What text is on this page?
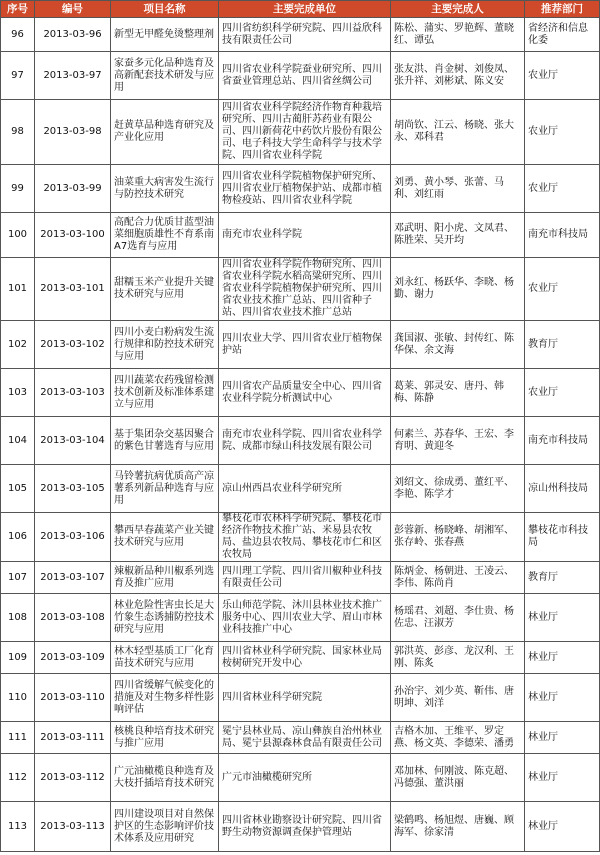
序号	编号	项目名称	主要完成单位	主要完成人	推荐部门
96	2013-03-96	新型无甲醛免烫整理剂	四川省纺织科学研究院、四川益欣科技有限责任公司	陈松、蒲实、罗艳辉、董晓红、谭弘	省经济和信息化委
97	2013-03-97	家蚕多元化品种选育及高新配套技术研发与应用	四川省农业科学院蚕业研究所、四川省蚕业管理总站、四川省丝绸公司	张友洪、肖金树、刘俊凤、张升祥、刘彬斌、陈义安	农业厅
98	2013-03-98	赶黄草品种选育研究及产业化应用	四川省农业科学院经济作物育种栽培研究所、四川古蔺肝苏药业有限公司、四川新荷花中药饮片股份有限公司、电子科技大学生命科学与技术学院、四川省农业科学院	胡尚钦、江云、杨晓、张大永、邓科君	农业厅
99	2013-03-99	油菜重大病害发生流行与防控技术研究	四川省农业科学院植物保护研究所、四川省农业厅植物保护站、成都市植物检疫站、四川省农业科学院	刘勇、黄小琴、张蕾、马利、刘红雨	农业厅
100	2013-03-100	高配合力优质甘蓝型油菜细胞质雄性不育系南A7选育与应用	南充市农业科学院	邓武明、阳小虎、文凤君、陈胜荣、吴开均	南充市科技局
101	2013-03-101	甜糯玉米产业提升关键技术研究与应用	四川省农业科学院作物研究所、四川省农业科学院水稻高粱研究所、四川省农业科学院植物保护研究所、四川省农业技术推广总站、四川省种子站、四川省农业技术推广总站	刘永红、杨跃华、李晓、杨勤、谢力	农业厅
102	2013-03-102	四川小麦白粉病发生流行规律和防控技术研究与应用	四川农业大学、四川省农业厅植物保护站	龚国淑、张敏、封传红、陈华保、余文海	教育厅
103	2013-03-103	四川蔬菜农药残留检测技术创新及标准体系建立与应用	四川省农产品质量安全中心、四川省农业科学院分析测试中心	葛莱、郭灵安、唐丹、韩梅、陈静	农业厅
104	2013-03-104	基于集团杂交基因聚合的紫色甘薯选育与应用	南充市农业科学院、四川省农业科学院、成都市绿山科技发展有限公司	何素兰、苏春华、王宏、李育明、黄迎冬	南充市科技局
105	2013-03-105	马铃薯抗病优质高产凉薯系列新品种选育与应用	凉山州西昌农业科学研究所	刘绍文、徐成勇、董红平、李艳、陈学才	凉山州科技局
106	2013-03-106	攀西早春蔬菜产业关键技术研究与应用	攀枝花市农林科学研究院、攀枝花市经济作物技术推广站、米易县农牧局、盐边县农牧局、攀枝花市仁和区农牧局	彭蓉新、杨晓峰、胡湘军、张存岭、张春燕	攀枝花市科技局
107	2013-03-107	辣椒新品种川椒系列选育及推广应用	四川理工学院、四川省川椒种业科技有限责任公司	陈炳金、杨朝进、王凌云、李伟、陈尚肖	教育厅
108	2013-03-108	林业危险性害虫长足大竹象生态诱捕防控技术研究与应用	乐山师范学院、沐川县林业技术推广服务中心、四川农业大学、眉山市林业科技推广中心	杨瑶君、刘超、李仕贵、杨佐忠、汪淑芳	林业厅
109	2013-03-109	林木轻型基质工厂化育苗技术研究与应用	四川省林业科学研究院、国家林业局桉树研究开发中心	郭洪英、彭彦、龙汉利、王刚、陈炙	林业厅
110	2013-03-110	四川省缓解气候变化的措施及对生物多样性影响评估	四川省林业科学研究院	孙治宇、刘少英、靳伟、唐明坤、刘洋	林业厅
111	2013-03-111	核桃良种培育技术研究与推广应用	冕宁县林业局、凉山彝族自治州林业局、冕宁县源森林食品有限责任公司	吉格木加、王维平、罗定燕、杨文英、李德荣、潘勇	林业厅
112	2013-03-112	广元油橄榄良种选育及大枝扦插培育技术研究	广元市油橄榄研究所	邓加林、何刚波、陈克超、冯德强、董洪丽	林业厅
113	2013-03-113	四川建设项目对自然保护区的生态影响评价技术体系及应用研究	四川省林业勘察设计研究院、四川省野生动物资源调查保护管理站	梁鹤鸣、杨旭煜、唐巍、顾海军、徐家清	林业厅
